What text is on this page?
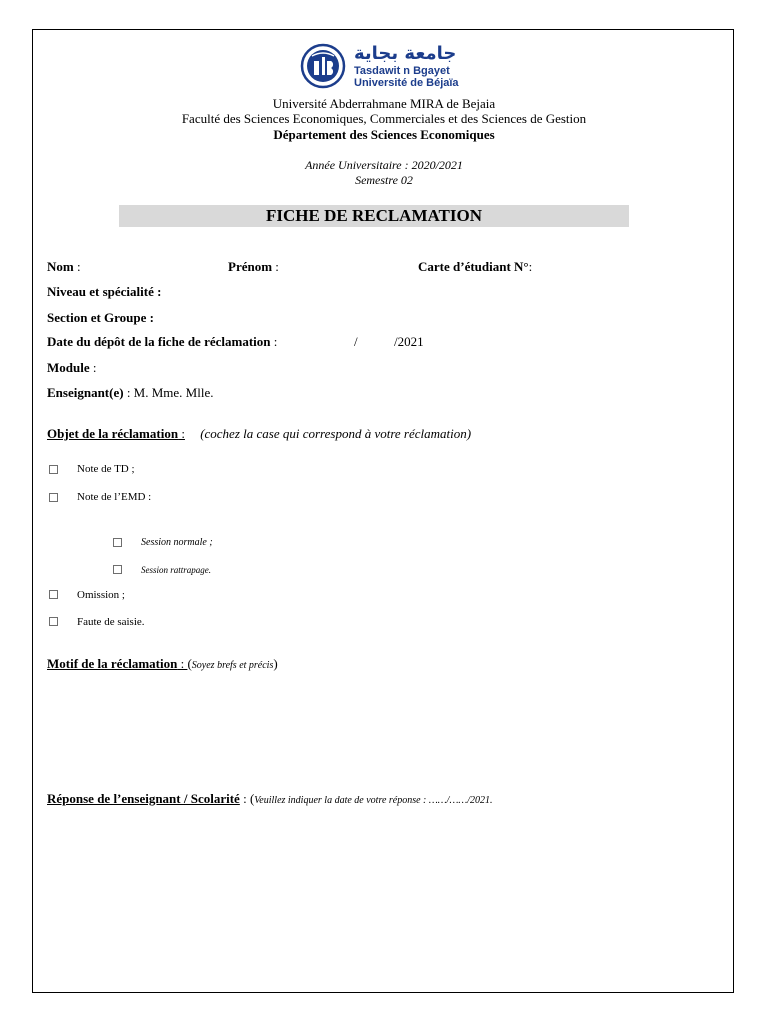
جامعة بجاية
Tasdawit n Bgayet
Université de Béjaïa
Université Abderrahmane MIRA de Bejaia
Faculté des Sciences Economiques, Commerciales et des Sciences de Gestion
Département des Sciences Economiques
Année Universitaire : 2020/2021
Semestre 02
FICHE DE RECLAMATION
Nom :	Prénom :	Carte d’étudiant N°:
Niveau et spécialité :
Section et Groupe :
Date du dépôt de la fiche de réclamation :	/	/2021
Module :
Enseignant(e) : M. Mme. Mlle.
Objet de la réclamation : (cochez la case qui correspond à votre réclamation)
Note de TD ;
Note de l’EMD :
Session normale ;
Session rattrapage.
Omission ;
Faute de saisie.
Motif de la réclamation : (Soyez brefs et précis)
Réponse de l’enseignant / Scolarité : (Veuillez indiquer la date de votre réponse : ……/……/2021.
